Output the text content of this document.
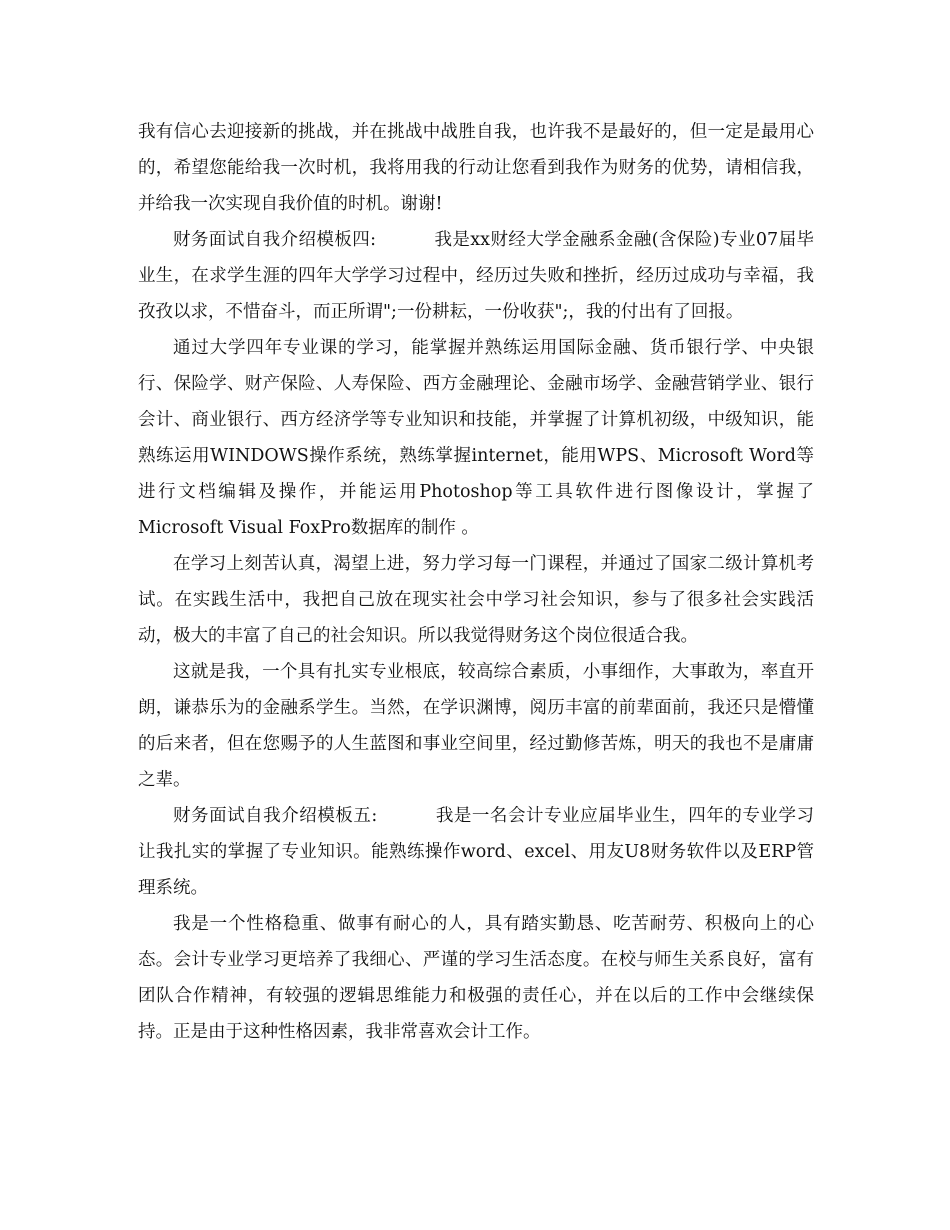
我有信心去迎接新的挑战，并在挑战中战胜自我，也许我不是最好的，但一定是最用心的，希望您能给我一次时机，我将用我的行动让您看到我作为财务的优势，请相信我，并给我一次实现自我价值的时机。谢谢!

财务面试自我介绍模板四:	我是xx财经大学金融系金融(含保险)专业07届毕业生，在求学生涯的四年大学学习过程中，经历过失败和挫折，经历过成功与幸福，我孜孜以求，不惜奋斗，而正所谓";一份耕耘，一份收获";，我的付出有了回报。

通过大学四年专业课的学习，能掌握并熟练运用国际金融、货币银行学、中央银行、保险学、财产保险、人寿保险、西方金融理论、金融市场学、金融营销学业、银行会计、商业银行、西方经济学等专业知识和技能，并掌握了计算机初级，中级知识，能熟练运用WINDOWS操作系统，熟练掌握internet，能用WPS、Microsoft Word等进行文档编辑及操作，并能运用Photoshop等工具软件进行图像设计，掌握了Microsoft Visual FoxPro数据库的制作 。

在学习上刻苦认真，渴望上进，努力学习每一门课程，并通过了国家二级计算机考试。在实践生活中，我把自己放在现实社会中学习社会知识，参与了很多社会实践活动，极大的丰富了自己的社会知识。所以我觉得财务这个岗位很适合我。

这就是我，一个具有扎实专业根底，较高综合素质，小事细作，大事敢为，率直开朗，谦恭乐为的金融系学生。当然，在学识渊博，阅历丰富的前辈面前，我还只是懵懂的后来者，但在您赐予的人生蓝图和事业空间里，经过勤修苦炼，明天的我也不是庸庸之辈。

财务面试自我介绍模板五:	我是一名会计专业应届毕业生，四年的专业学习让我扎实的掌握了专业知识。能熟练操作word、excel、用友U8财务软件以及ERP管理系统。

我是一个性格稳重、做事有耐心的人，具有踏实勤恳、吃苦耐劳、积极向上的心态。会计专业学习更培养了我细心、严谨的学习生活态度。在校与师生关系良好，富有团队合作精神，有较强的逻辑思维能力和极强的责任心，并在以后的工作中会继续保持。正是由于这种性格因素，我非常喜欢会计工作。
